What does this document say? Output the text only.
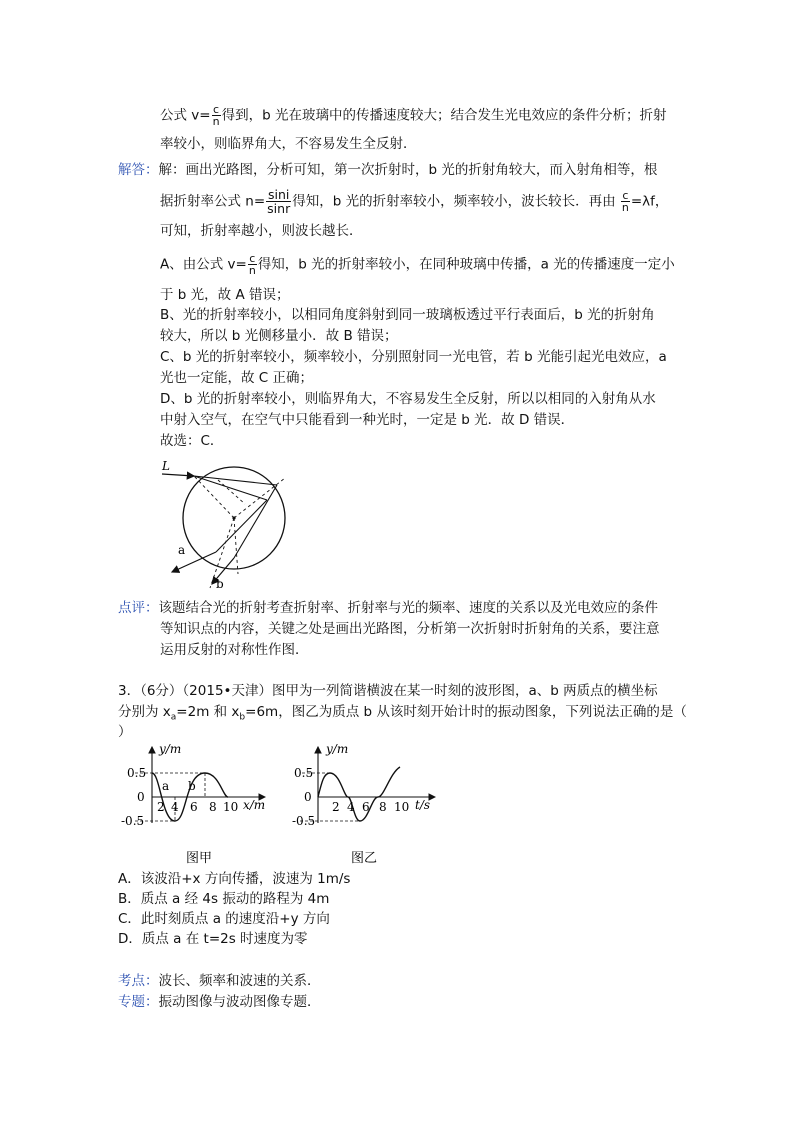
公式 $v= \frac{c}{n}$ 得到，b 光在玻璃中的传播速度较大；结合发生光电效应的条件分析；折射
率较小，则临界角大，不容易发生全反射．
解答：解：画出光路图，分析可知，第一次折射时，b 光的折射角较大，而入射角相等，根
据折射率公式 $n= \frac{\sin i}{\sin r}$ 得知，b 光的折射率较小，频率较小，波长较长．再由 $\frac{c}{n} =\lambda f$，
可知，折射率越小，则波长越长．
A、由公式 $v= \frac{c}{n}$ 得知，b 光的折射率较小，在同种玻璃中传播，a 光的传播速度一定小
于 b 光，故 A 错误；
B、光的折射率较小，以相同角度斜射到同一玻璃板透过平行表面后，b 光的折射角
较大，所以 b 光侧移量小．故 B 错误；
C、b 光的折射率较小，频率较小，分别照射同一光电管，若 b 光能引起光电效应，a
光也一定能，故 C 正确；
D、b 光的折射率较小，则临界角大，不容易发生全反射，所以以相同的入射角从水
中射入空气，在空气中只能看到一种光时，一定是 b 光．故 D 错误．
故选：C．
L
a
b
点评：该题结合光的折射考查折射率、折射率与光的频率、速度的关系以及光电效应的条件
等知识点的内容，关键之处是画出光路图，分析第一次折射时折射角的关系，要注意
运用反射的对称性作图．
3．（6分）（2015•天津）图甲为一列简谐横波在某一时刻的波形图，a、b 两质点的横坐标
分别为 $x_a=2m$ 和 $x_b=6m$，图乙为质点 b 从该时刻开始计时的振动图象，下列说法正确的是（
）
y/m
0.5
0
-0.5
2 4 6 8 10 x/m
a b
图甲
y/m
0.5
0
-0.5
2 4 6 8 10 t/s
图乙
A．该波沿+x 方向传播，波速为 1m/s
B．质点 a 经 4s 振动的路程为 4m
C．此时刻质点 a 的速度沿+y 方向
D．质点 a 在 t=2s 时速度为零
考点：波长、频率和波速的关系．
专题：振动图像与波动图像专题．
